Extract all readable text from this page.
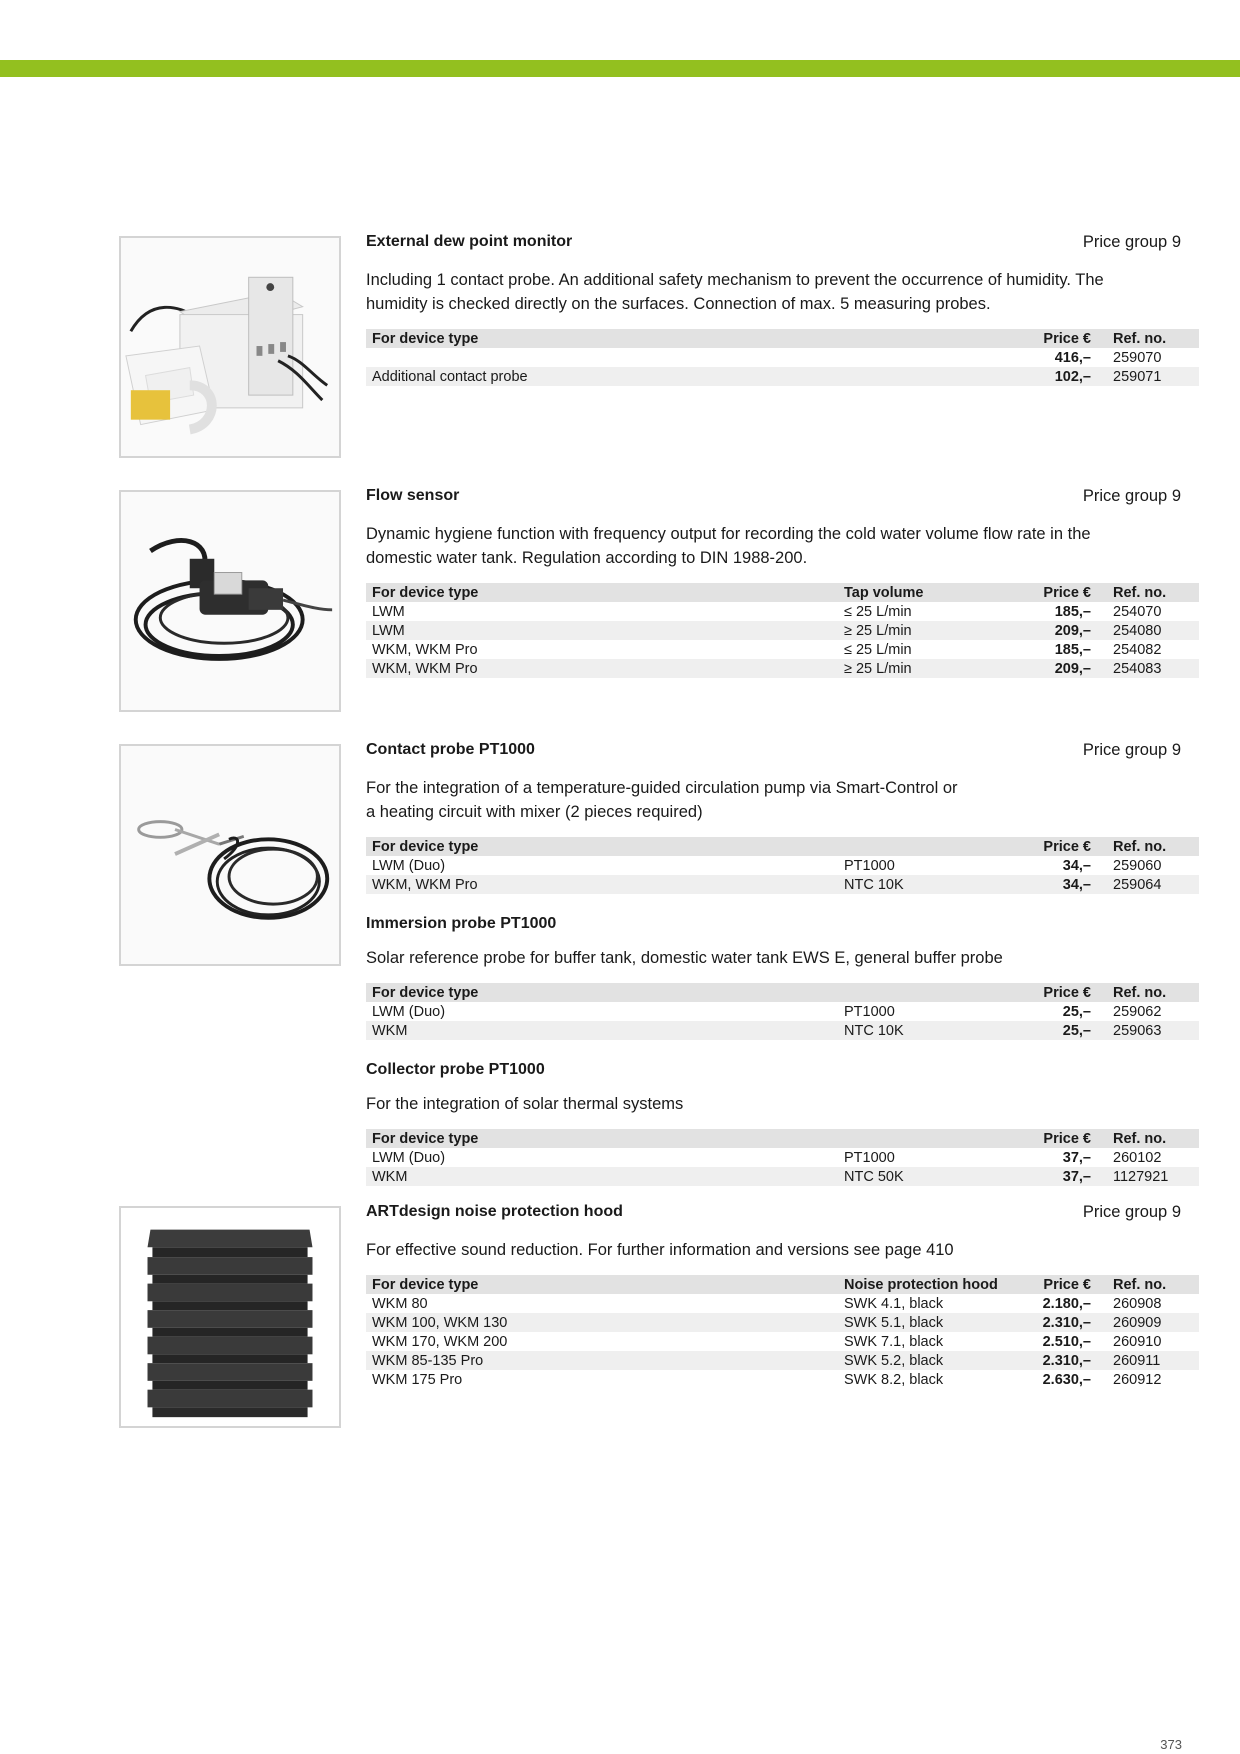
External dew point monitor	Price group 9
Including 1 contact probe. An additional safety mechanism to prevent the occurrence of humidity. The humidity is checked directly on the surfaces. Connection of max. 5 measuring probes.
For device type		Price €	Ref. no.
		416,–	259070
Additional contact probe		102,–	259071
Flow sensor	Price group 9
Dynamic hygiene function with frequency output for recording the cold water volume flow rate in the domestic water tank. Regulation according to DIN 1988-200.
For device type	Tap volume	Price €	Ref. no.
LWM	≤ 25 L/min	185,–	254070
LWM	≥ 25 L/min	209,–	254080
WKM, WKM Pro	≤ 25 L/min	185,–	254082
WKM, WKM Pro	≥ 25 L/min	209,–	254083
Contact probe PT1000	Price group 9
For the integration of a temperature-guided circulation pump via Smart-Control or
a heating circuit with mixer (2 pieces required)
For device type		Price €	Ref. no.
LWM (Duo)	PT1000	34,–	259060
WKM, WKM Pro	NTC 10K	34,–	259064
Immersion probe PT1000
Solar reference probe for buffer tank, domestic water tank EWS E, general buffer probe
For device type		Price €	Ref. no.
LWM (Duo)	PT1000	25,–	259062
WKM	NTC 10K	25,–	259063
Collector probe PT1000
For the integration of solar thermal systems
For device type		Price €	Ref. no.
LWM (Duo)	PT1000	37,–	260102
WKM	NTC 50K	37,–	1127921
ARTdesign noise protection hood	Price group 9
For effective sound reduction. For further information and versions see page 410
For device type	Noise protection hood	Price €	Ref. no.
WKM 80	SWK 4.1, black	2.180,–	260908
WKM 100, WKM 130	SWK 5.1, black	2.310,–	260909
WKM 170, WKM 200	SWK 7.1, black	2.510,–	260910
WKM 85-135 Pro	SWK 5.2, black	2.310,–	260911
WKM 175 Pro	SWK 8.2, black	2.630,–	260912
373
